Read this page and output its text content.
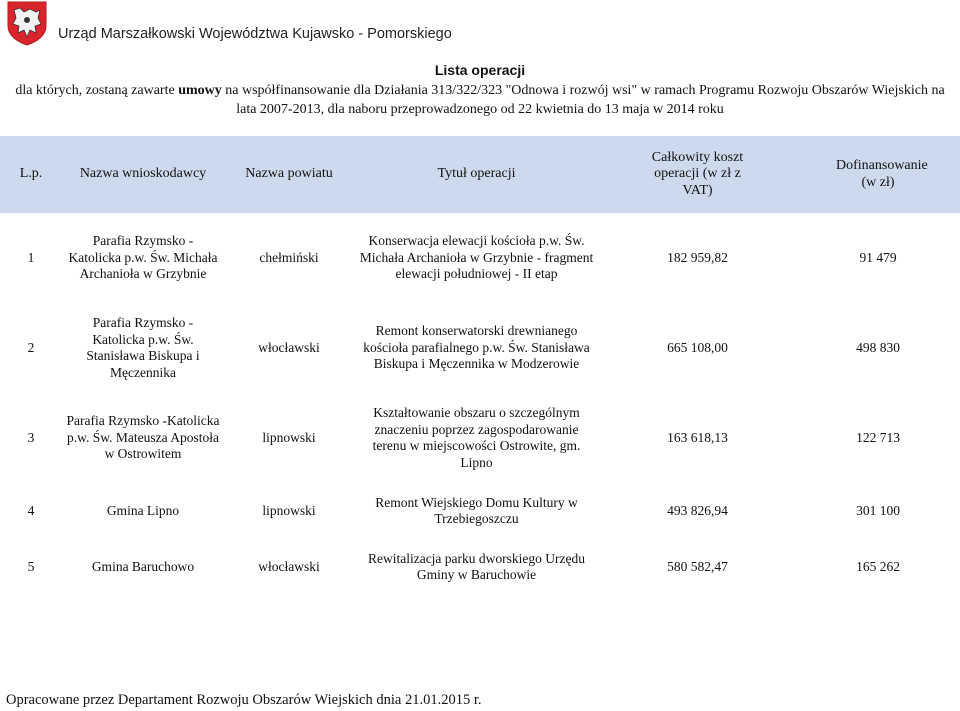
Urząd Marszałkowski Województwa Kujawsko - Pomorskiego
Lista operacji
dla których, zostaną zawarte umowy na współfinansowanie dla Działania 313/322/323 "Odnowa i rozwój wsi" w ramach Programu Rozwoju Obszarów Wiejskich na lata 2007-2013, dla naboru przeprowadzonego od 22 kwietnia do 13 maja w 2014 roku
L.p.	Nazwa wnioskodawcy	Nazwa powiatu	Tytuł operacji	Całkowity koszt operacji (w zł z VAT)	Dofinansowanie (w zł)
1	Parafia Rzymsko - Katolicka p.w. Św. Michała Archanioła w Grzybnie	chełmiński	Konserwacja elewacji kościoła p.w. Św. Michała Archanioła w Grzybnie - fragment elewacji południowej - II etap	182 959,82	91 479
2	Parafia Rzymsko - Katolicka p.w. Św. Stanisława Biskupa i Męczennika	włocławski	Remont konserwatorski drewnianego kościoła parafialnego p.w. Św. Stanisława Biskupa i Męczennika w Modzerowie	665 108,00	498 830
3	Parafia Rzymsko -Katolicka p.w. Św. Mateusza Apostoła w Ostrowitem	lipnowski	Kształtowanie obszaru o szczególnym znaczeniu poprzez zagospodarowanie terenu w miejscowości Ostrowite, gm. Lipno	163 618,13	122 713
4	Gmina Lipno	lipnowski	Remont Wiejskiego Domu Kultury w Trzebiegoszczu	493 826,94	301 100
5	Gmina Baruchowo	włocławski	Rewitalizacja parku dworskiego Urzędu Gminy w Baruchowie	580 582,47	165 262
Opracowane przez Departament Rozwoju Obszarów Wiejskich dnia 21.01.2015 r.
